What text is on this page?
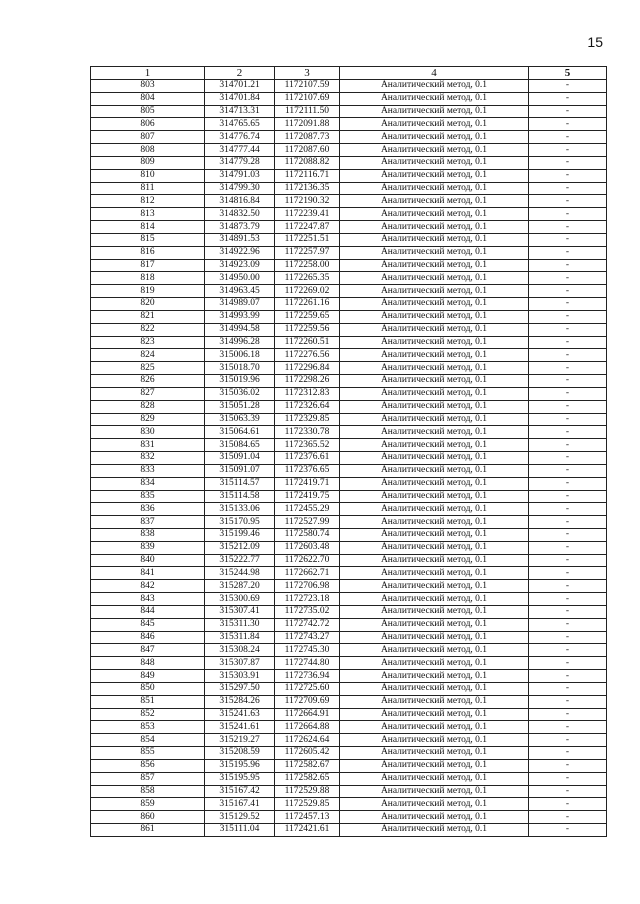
15
1	2	3	4	5
803	314701.21	1172107.59	Аналитический метод, 0.1	-
804	314701.84	1172107.69	Аналитический метод, 0.1	-
805	314713.31	1172111.50	Аналитический метод, 0.1	-
806	314765.65	1172091.88	Аналитический метод, 0.1	-
807	314776.74	1172087.73	Аналитический метод, 0.1	-
808	314777.44	1172087.60	Аналитический метод, 0.1	-
809	314779.28	1172088.82	Аналитический метод, 0.1	-
810	314791.03	1172116.71	Аналитический метод, 0.1	-
811	314799.30	1172136.35	Аналитический метод, 0.1	-
812	314816.84	1172190.32	Аналитический метод, 0.1	-
813	314832.50	1172239.41	Аналитический метод, 0.1	-
814	314873.79	1172247.87	Аналитический метод, 0.1	-
815	314891.53	1172251.51	Аналитический метод, 0.1	-
816	314922.96	1172257.97	Аналитический метод, 0.1	-
817	314923.09	1172258.00	Аналитический метод, 0.1	-
818	314950.00	1172265.35	Аналитический метод, 0.1	-
819	314963.45	1172269.02	Аналитический метод, 0.1	-
820	314989.07	1172261.16	Аналитический метод, 0.1	-
821	314993.99	1172259.65	Аналитический метод, 0.1	-
822	314994.58	1172259.56	Аналитический метод, 0.1	-
823	314996.28	1172260.51	Аналитический метод, 0.1	-
824	315006.18	1172276.56	Аналитический метод, 0.1	-
825	315018.70	1172296.84	Аналитический метод, 0.1	-
826	315019.96	1172298.26	Аналитический метод, 0.1	-
827	315036.02	1172312.83	Аналитический метод, 0.1	-
828	315051.28	1172326.64	Аналитический метод, 0.1	-
829	315063.39	1172329.85	Аналитический метод, 0.1	-
830	315064.61	1172330.78	Аналитический метод, 0.1	-
831	315084.65	1172365.52	Аналитический метод, 0.1	-
832	315091.04	1172376.61	Аналитический метод, 0.1	-
833	315091.07	1172376.65	Аналитический метод, 0.1	-
834	315114.57	1172419.71	Аналитический метод, 0.1	-
835	315114.58	1172419.75	Аналитический метод, 0.1	-
836	315133.06	1172455.29	Аналитический метод, 0.1	-
837	315170.95	1172527.99	Аналитический метод, 0.1	-
838	315199.46	1172580.74	Аналитический метод, 0.1	-
839	315212.09	1172603.48	Аналитический метод, 0.1	-
840	315222.77	1172622.70	Аналитический метод, 0.1	-
841	315244.98	1172662.71	Аналитический метод, 0.1	-
842	315287.20	1172706.98	Аналитический метод, 0.1	-
843	315300.69	1172723.18	Аналитический метод, 0.1	-
844	315307.41	1172735.02	Аналитический метод, 0.1	-
845	315311.30	1172742.72	Аналитический метод, 0.1	-
846	315311.84	1172743.27	Аналитический метод, 0.1	-
847	315308.24	1172745.30	Аналитический метод, 0.1	-
848	315307.87	1172744.80	Аналитический метод, 0.1	-
849	315303.91	1172736.94	Аналитический метод, 0.1	-
850	315297.50	1172725.60	Аналитический метод, 0.1	-
851	315284.26	1172709.69	Аналитический метод, 0.1	-
852	315241.63	1172664.91	Аналитический метод, 0.1	-
853	315241.61	1172664.88	Аналитический метод, 0.1	-
854	315219.27	1172624.64	Аналитический метод, 0.1	-
855	315208.59	1172605.42	Аналитический метод, 0.1	-
856	315195.96	1172582.67	Аналитический метод, 0.1	-
857	315195.95	1172582.65	Аналитический метод, 0.1	-
858	315167.42	1172529.88	Аналитический метод, 0.1	-
859	315167.41	1172529.85	Аналитический метод, 0.1	-
860	315129.52	1172457.13	Аналитический метод, 0.1	-
861	315111.04	1172421.61	Аналитический метод, 0.1	-
